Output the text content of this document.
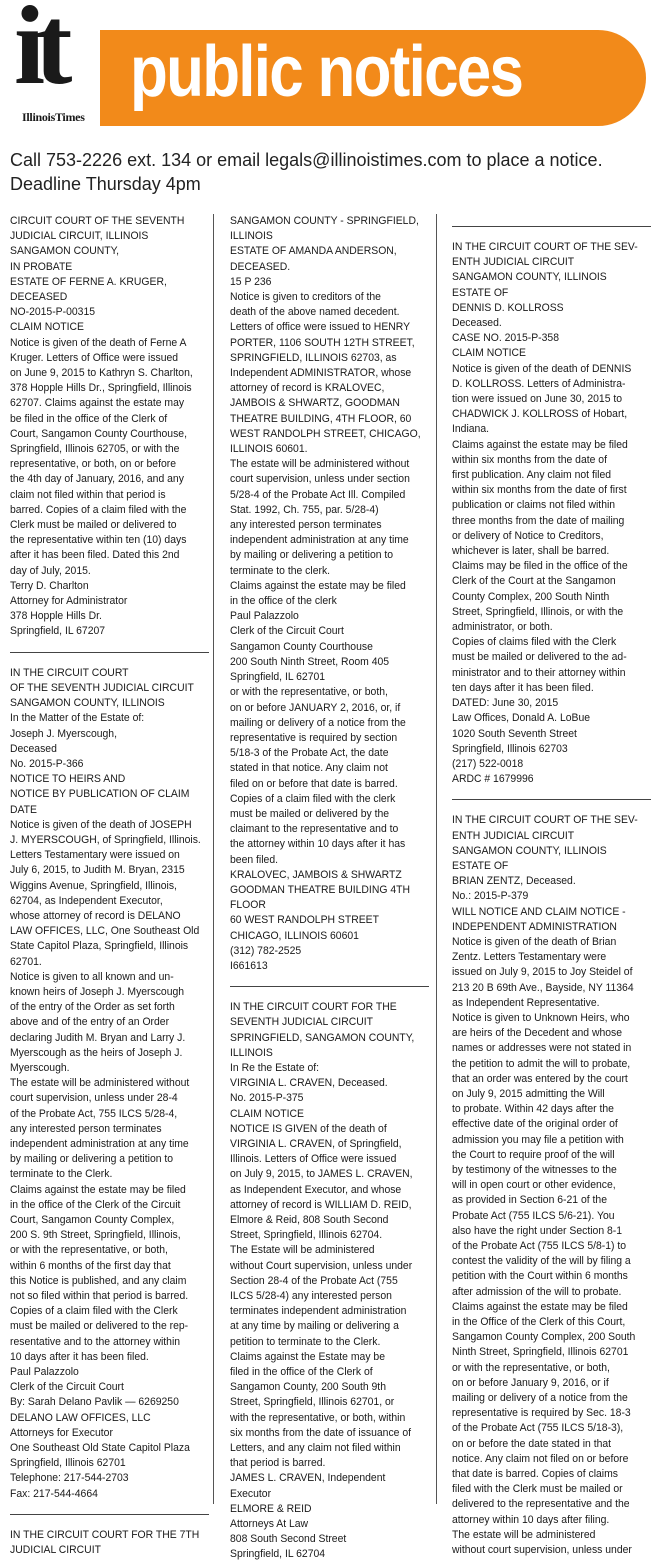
it
IllinoisTimes
public notices
Call 753-2226 ext. 134 or email legals@illinoistimes.com to place a notice.
Deadline Thursday 4pm
CIRCUIT COURT OF THE SEVENTH
JUDICIAL CIRCUIT, ILLINOIS
SANGAMON COUNTY,
IN PROBATE
ESTATE OF FERNE A. KRUGER,
DECEASED
NO-2015-P-00315
CLAIM NOTICE
Notice is given of the death of Ferne A
Kruger. Letters of Office were issued
on June 9, 2015 to Kathryn S. Charlton,
378 Hopple Hills Dr., Springfield, Illinois
62707. Claims against the estate may
be filed in the office of the Clerk of
Court, Sangamon County Courthouse,
Springfield, Illinois 62705, or with the
representative, or both, on or before
the 4th day of January, 2016, and any
claim not filed within that period is
barred. Copies of a claim filed with the
Clerk must be mailed or delivered to
the representative within ten (10) days
after it has been filed. Dated this 2nd
day of July, 2015.
Terry D. Charlton
Attorney for Administrator
378 Hopple Hills Dr.
Springfield, IL 67207
IN THE CIRCUIT COURT
OF THE SEVENTH JUDICIAL CIRCUIT
SANGAMON COUNTY, ILLINOIS
In the Matter of the Estate of:
Joseph J. Myerscough,
Deceased
No. 2015-P-366
NOTICE TO HEIRS AND
NOTICE BY PUBLICATION OF CLAIM
DATE
Notice is given of the death of JOSEPH
J. MYERSCOUGH, of Springfield, Illinois.
Letters Testamentary were issued on
July 6, 2015, to Judith M. Bryan, 2315
Wiggins Avenue, Springfield, Illinois,
62704, as Independent Executor,
whose attorney of record is DELANO
LAW OFFICES, LLC, One Southeast Old
State Capitol Plaza, Springfield, Illinois
62701.
Notice is given to all known and un-
known heirs of Joseph J. Myerscough
of the entry of the Order as set forth
above and of the entry of an Order
declaring Judith M. Bryan and Larry J.
Myerscough as the heirs of Joseph J.
Myerscough.
The estate will be administered without
court supervision, unless under 28-4
of the Probate Act, 755 ILCS 5/28-4,
any interested person terminates
independent administration at any time
by mailing or delivering a petition to
terminate to the Clerk.
Claims against the estate may be filed
in the office of the Clerk of the Circuit
Court, Sangamon County Complex,
200 S. 9th Street, Springfield, Illinois,
or with the representative, or both,
within 6 months of the first day that
this Notice is published, and any claim
not so filed within that period is barred.
Copies of a claim filed with the Clerk
must be mailed or delivered to the rep-
resentative and to the attorney within
10 days after it has been filed.
Paul Palazzolo
Clerk of the Circuit Court
By: Sarah Delano Pavlik — 6269250
DELANO LAW OFFICES, LLC
Attorneys for Executor
One Southeast Old State Capitol Plaza
Springfield, Illinois 62701
Telephone: 217-544-2703
Fax: 217-544-4664
IN THE CIRCUIT COURT FOR THE 7TH
JUDICIAL CIRCUIT
SANGAMON COUNTY - SPRINGFIELD,
ILLINOIS
ESTATE OF AMANDA ANDERSON,
DECEASED.
15 P 236
Notice is given to creditors of the
death of the above named decedent.
Letters of office were issued to HENRY
PORTER, 1106 SOUTH 12TH STREET,
SPRINGFIELD, ILLINOIS 62703, as
Independent ADMINISTRATOR, whose
attorney of record is KRALOVEC,
JAMBOIS & SHWARTZ, GOODMAN
THEATRE BUILDING, 4TH FLOOR, 60
WEST RANDOLPH STREET, CHICAGO,
ILLINOIS 60601.
The estate will be administered without
court supervision, unless under section
5/28-4 of the Probate Act Ill. Compiled
Stat. 1992, Ch. 755, par. 5/28-4)
any interested person terminates
independent administration at any time
by mailing or delivering a petition to
terminate to the clerk.
Claims against the estate may be filed
in the office of the clerk
Paul Palazzolo
Clerk of the Circuit Court
Sangamon County Courthouse
200 South Ninth Street, Room 405
Springfield, IL 62701
or with the representative, or both,
on or before JANUARY 2, 2016, or, if
mailing or delivery of a notice from the
representative is required by section
5/18-3 of the Probate Act, the date
stated in that notice. Any claim not
filed on or before that date is barred.
Copies of a claim filed with the clerk
must be mailed or delivered by the
claimant to the representative and to
the attorney within 10 days after it has
been filed.
KRALOVEC, JAMBOIS & SHWARTZ
GOODMAN THEATRE BUILDING 4TH
FLOOR
60 WEST RANDOLPH STREET
CHICAGO, ILLINOIS 60601
(312) 782-2525
I661613
IN THE CIRCUIT COURT FOR THE
SEVENTH JUDICIAL CIRCUIT
SPRINGFIELD, SANGAMON COUNTY,
ILLINOIS
In Re the Estate of:
VIRGINIA L. CRAVEN, Deceased.
No. 2015-P-375
CLAIM NOTICE
NOTICE IS GIVEN of the death of
VIRGINIA L. CRAVEN, of Springfield,
Illinois. Letters of Office were issued
on July 9, 2015, to JAMES L. CRAVEN,
as Independent Executor, and whose
attorney of record is WILLIAM D. REID,
Elmore & Reid, 808 South Second
Street, Springfield, Illinois 62704.
The Estate will be administered
without Court supervision, unless under
Section 28-4 of the Probate Act (755
ILCS 5/28-4) any interested person
terminates independent administration
at any time by mailing or delivering a
petition to terminate to the Clerk.
Claims against the Estate may be
filed in the office of the Clerk of
Sangamon County, 200 South 9th
Street, Springfield, Illinois 62701, or
with the representative, or both, within
six months from the date of issuance of
Letters, and any claim not filed within
that period is barred.
JAMES L. CRAVEN, Independent
Executor
ELMORE & REID
Attorneys At Law
808 South Second Street
Springfield, IL 62704
IN THE CIRCUIT COURT OF THE SEV-
ENTH JUDICIAL CIRCUIT
SANGAMON COUNTY, ILLINOIS
ESTATE OF
DENNIS D. KOLLROSS
Deceased.
CASE NO. 2015-P-358
CLAIM NOTICE
Notice is given of the death of DENNIS
D. KOLLROSS. Letters of Administra-
tion were issued on June 30, 2015 to
CHADWICK J. KOLLROSS of Hobart,
Indiana.
Claims against the estate may be filed
within six months from the date of
first publication. Any claim not filed
within six months from the date of first
publication or claims not filed within
three months from the date of mailing
or delivery of Notice to Creditors,
whichever is later, shall be barred.
Claims may be filed in the office of the
Clerk of the Court at the Sangamon
County Complex, 200 South Ninth
Street, Springfield, Illinois, or with the
administrator, or both.
Copies of claims filed with the Clerk
must be mailed or delivered to the ad-
ministrator and to their attorney within
ten days after it has been filed.
DATED: June 30, 2015
Law Offices, Donald A. LoBue
1020 South Seventh Street
Springfield, Illinois 62703
(217) 522-0018
ARDC # 1679996
IN THE CIRCUIT COURT OF THE SEV-
ENTH JUDICIAL CIRCUIT
SANGAMON COUNTY, ILLINOIS
ESTATE OF
BRIAN ZENTZ, Deceased.
No.: 2015-P-379
WILL NOTICE AND CLAIM NOTICE -
INDEPENDENT ADMINISTRATION
Notice is given of the death of Brian
Zentz. Letters Testamentary were
issued on July 9, 2015 to Joy Steidel of
213 20 B 69th Ave., Bayside, NY 11364
as Independent Representative.
Notice is given to Unknown Heirs, who
are heirs of the Decedent and whose
names or addresses were not stated in
the petition to admit the will to probate,
that an order was entered by the court
on July 9, 2015 admitting the Will
to probate. Within 42 days after the
effective date of the original order of
admission you may file a petition with
the Court to require proof of the will
by testimony of the witnesses to the
will in open court or other evidence,
as provided in Section 6-21 of the
Probate Act (755 ILCS 5/6-21). You
also have the right under Section 8-1
of the Probate Act (755 ILCS 5/8-1) to
contest the validity of the will by filing a
petition with the Court within 6 months
after admission of the will to probate.
Claims against the estate may be filed
in the Office of the Clerk of this Court,
Sangamon County Complex, 200 South
Ninth Street, Springfield, Illinois 62701
or with the representative, or both,
on or before January 9, 2016, or if
mailing or delivery of a notice from the
representative is required by Sec. 18-3
of the Probate Act (755 ILCS 5/18-3),
on or before the date stated in that
notice. Any claim not filed on or before
that date is barred. Copies of claims
filed with the Clerk must be mailed or
delivered to the representative and the
attorney within 10 days after filing.
The estate will be administered
without court supervision, unless under
